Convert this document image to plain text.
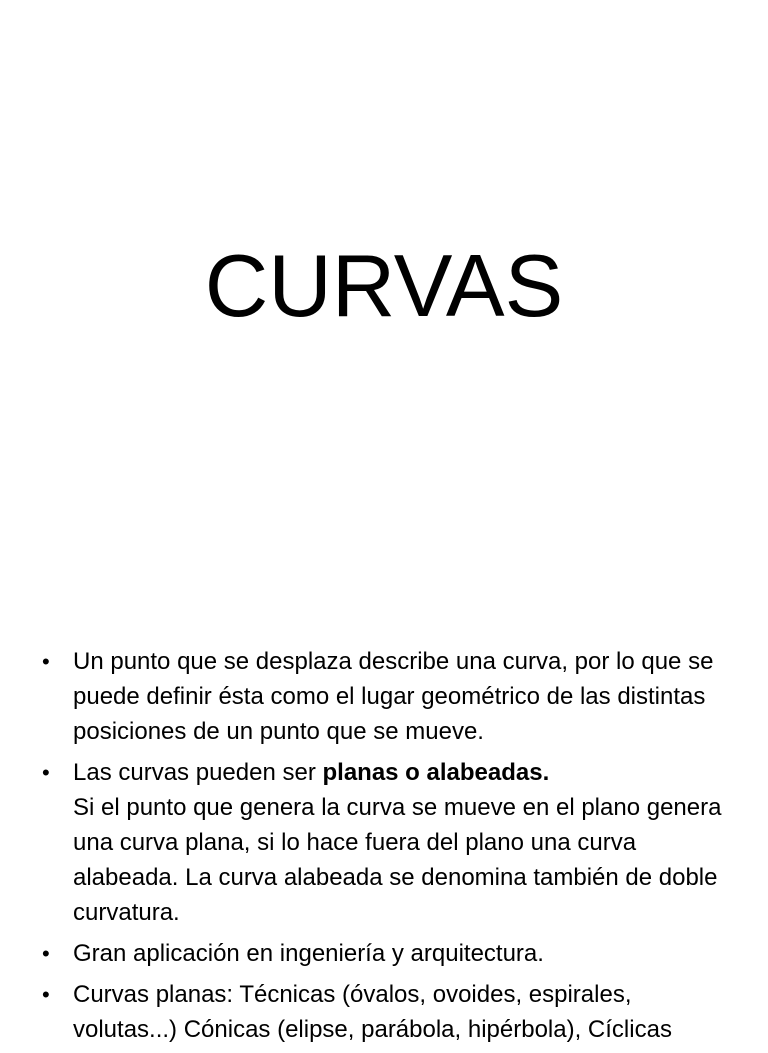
CURVAS
• Un punto que se desplaza describe una curva, por lo que se puede definir ésta como el lugar geométrico de las distintas posiciones de un punto que se mueve.
• Las curvas pueden ser planas o alabeadas.
Si el punto que genera la curva se mueve en el plano genera una curva plana, si lo hace fuera del plano una curva alabeada. La curva alabeada se denomina también de doble curvatura.
• Gran aplicación en ingeniería y arquitectura.
• Curvas planas: Técnicas (óvalos, ovoides, espirales, volutas...) Cónicas (elipse, parábola, hipérbola), Cíclicas
